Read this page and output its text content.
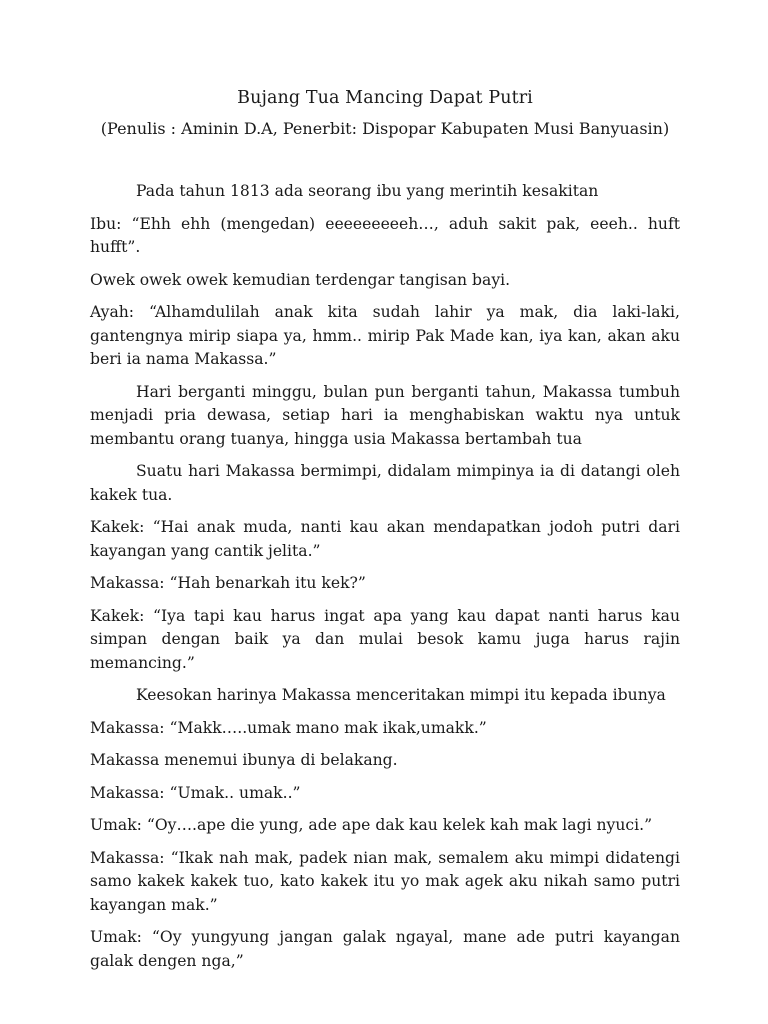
Bujang Tua Mancing Dapat Putri
(Penulis : Aminin D.A, Penerbit: Dispopar Kabupaten Musi Banyuasin)

Pada tahun 1813 ada seorang ibu yang merintih kesakitan

Ibu: “Ehh ehh (mengedan) eeeeeeeeeh…, aduh sakit pak, eeeh.. huft hufft”.

Owek owek owek kemudian terdengar tangisan bayi.

Ayah: “Alhamdulilah anak kita sudah lahir ya mak, dia laki-laki, gantengnya mirip siapa ya, hmm.. mirip Pak Made kan, iya kan, akan aku beri ia nama Makassa.”

Hari berganti minggu, bulan pun berganti tahun, Makassa tumbuh menjadi pria dewasa, setiap hari ia menghabiskan waktu nya untuk membantu orang tuanya, hingga usia Makassa bertambah tua

Suatu hari Makassa bermimpi, didalam mimpinya ia di datangi oleh kakek tua.

Kakek: “Hai anak muda, nanti kau akan mendapatkan jodoh putri dari kayangan yang cantik jelita.”

Makassa: “Hah benarkah itu kek?”

Kakek: “Iya tapi kau harus ingat apa yang kau dapat nanti harus kau simpan dengan baik ya dan mulai besok kamu juga harus rajin memancing.”

Keesokan harinya Makassa menceritakan mimpi itu kepada ibunya

Makassa: “Makk…..umak mano mak ikak,umakk.”

Makassa menemui ibunya di belakang.

Makassa: “Umak.. umak..”

Umak: “Oy….ape die yung, ade ape dak kau kelek kah mak lagi nyuci.”

Makassa: “Ikak nah mak, padek nian mak, semalem aku mimpi didatengi samo kakek kakek tuo, kato kakek itu yo mak agek aku nikah samo putri kayangan mak.”

Umak: “Oy yungyung jangan galak ngayal, mane ade putri kayangan galak dengen nga,”
